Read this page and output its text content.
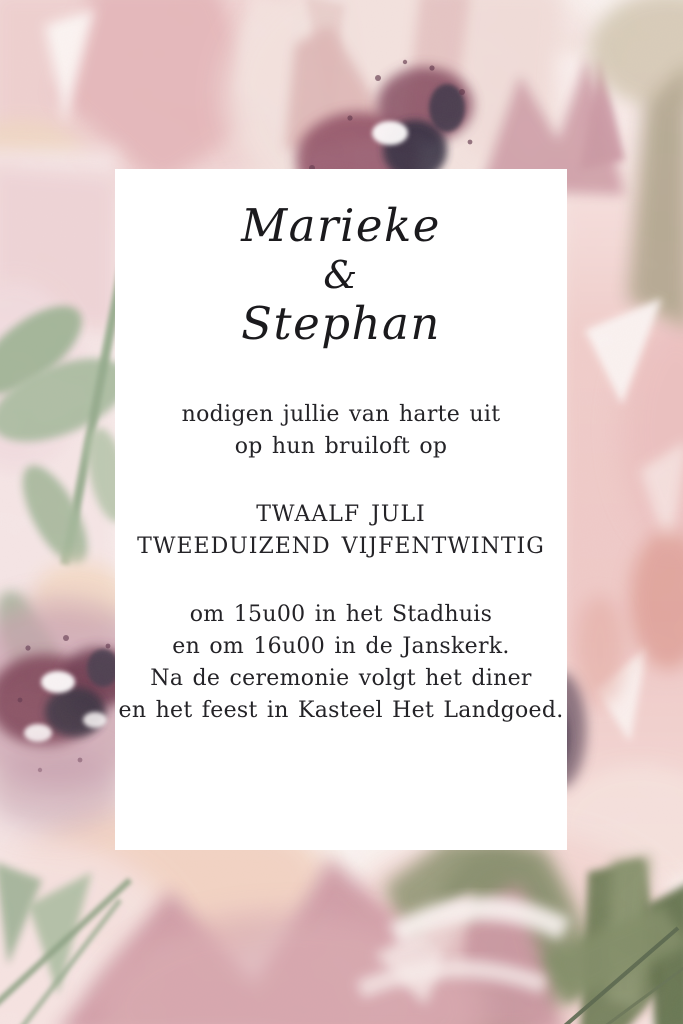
Marieke
&
Stephan
nodigen jullie van harte uit
op hun bruiloft op
TWAALF JULI
TWEEDUIZEND VIJFENTWINTIG
om 15u00 in het Stadhuis
en om 16u00 in de Janskerk.
Na de ceremonie volgt het diner
en het feest in Kasteel Het Landgoed.
